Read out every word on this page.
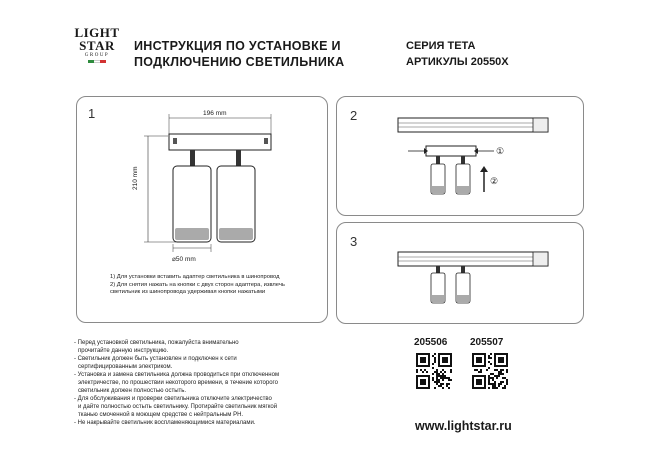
LIGHT
STAR
GROUP
ИНСТРУКЦИЯ ПО УСТАНОВКЕ И
ПОДКЛЮЧЕНИЮ СВЕТИЛЬНИКА
СЕРИЯ TETA
АРТИКУЛЫ 20550X
1	196 mm
210 mm
⌀50 mm
1) Для установки вставить адаптер светильника в шинопровод
2) Для снятия нажать на кнопки с двух сторон адаптера, извлечь
светильник из шинопровода удерживая кнопки нажатыми
2
①
②
3
- Перед установкой светильника, пожалуйста внимательно
прочитайте данную инструкцию.
- Светильник должен быть установлен и подключен к сети
сертифицированным электриком.
- Установка и замена светильника должна проводиться при отключенном
электричестве, по прошествии некоторого времени, в течение которого
светильник должен полностью остыть.
- Для обслуживания и проверки светильника отключите электричество
и дайте полностью остыть светильнику. Протирайте светильник мягкой
тканью смоченной в моющем средстве с нейтральным PH.
- Не накрывайте светильник воспламеняющимися материалами.
205506 205507
www.lightstar.ru
